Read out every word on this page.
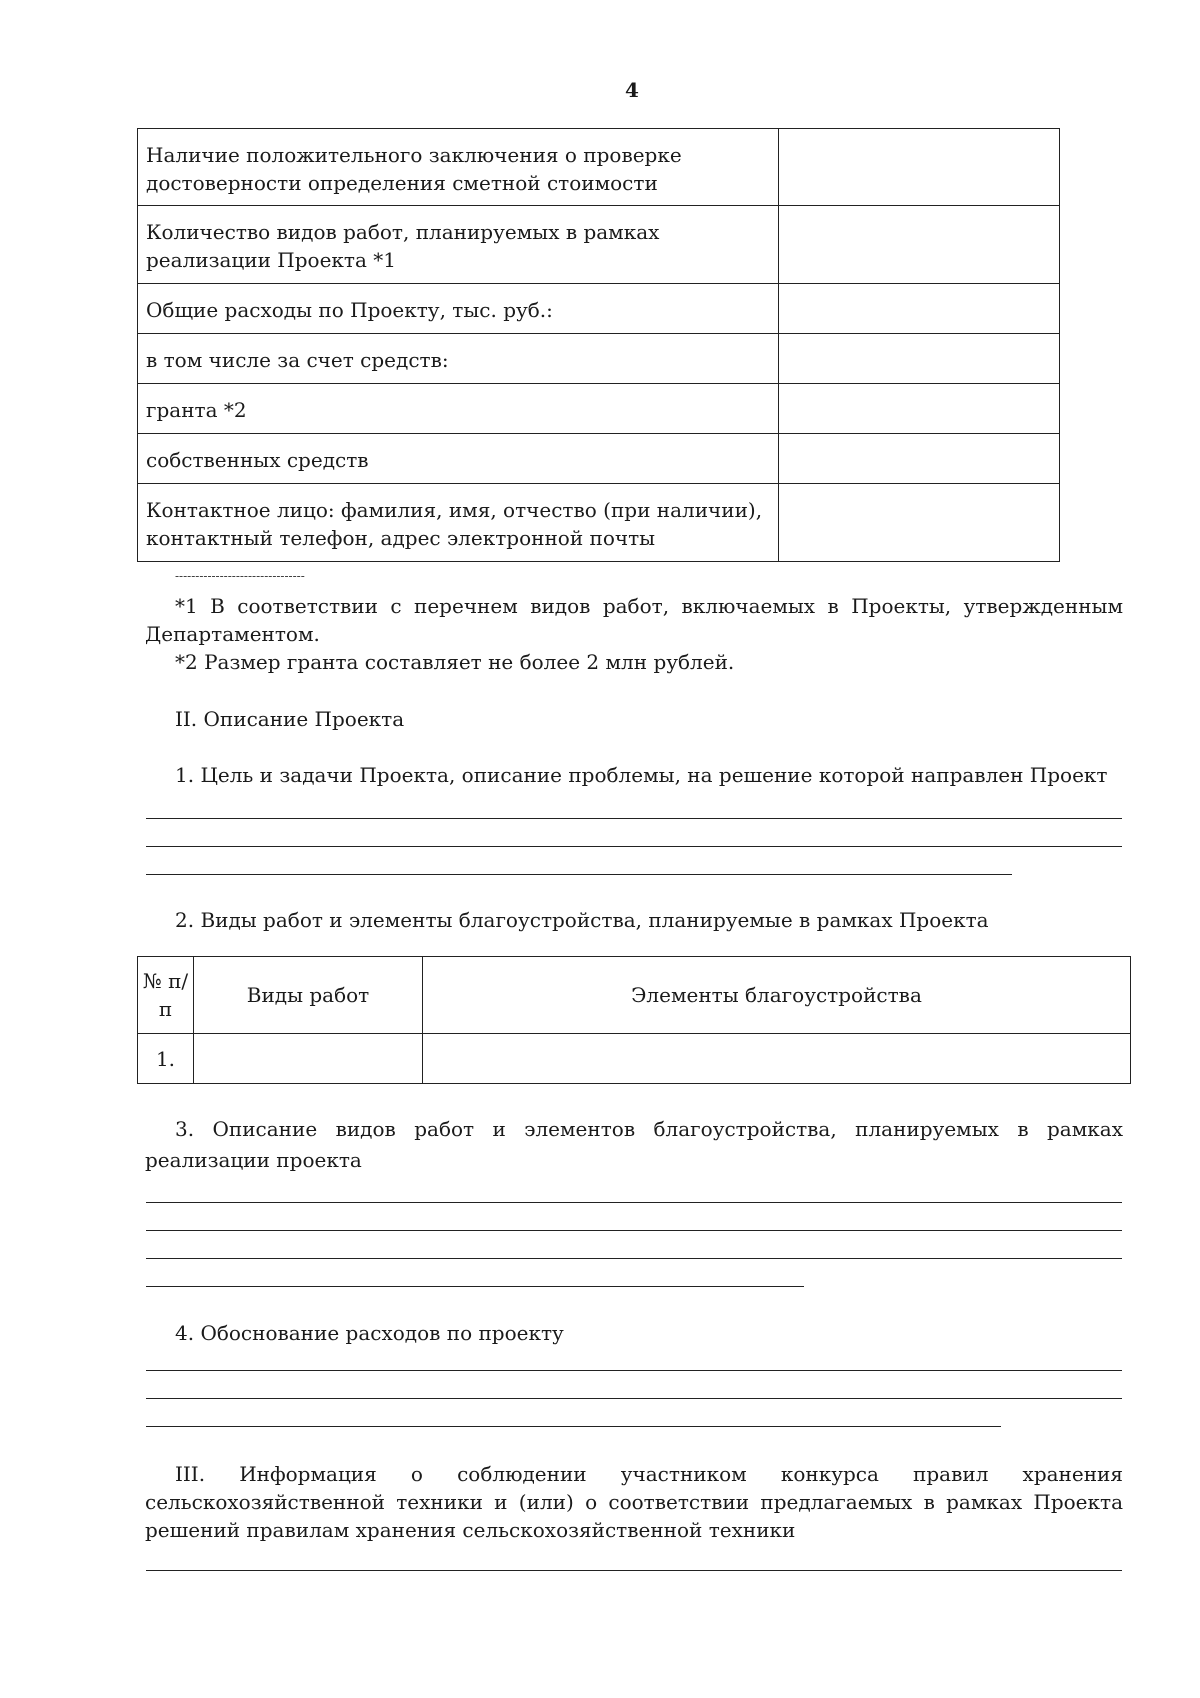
4
Наличие положительного заключения о проверке достоверности определения сметной стоимости	
Количество видов работ, планируемых в рамках реализации Проекта *1	
Общие расходы по Проекту, тыс. руб.:	
в том числе за счет средств:	
гранта *2	
собственных средств	
Контактное лицо: фамилия, имя, отчество (при наличии), контактный телефон, адрес электронной почты	
--------------------------------
*1 В соответствии с перечнем видов работ, включаемых в Проекты, утвержденным
Департаментом.
*2 Размер гранта составляет не более 2 млн рублей.
II. Описание Проекта
1. Цель и задачи Проекта, описание проблемы, на решение которой направлен Проект
2. Виды работ и элементы благоустройства, планируемые в рамках Проекта
№ п/п	Виды работ	Элементы благоустройства
1.		
3. Описание видов работ и элементов благоустройства, планируемых в рамках
реализации проекта
4. Обоснование расходов по проекту
III. Информация о соблюдении участником конкурса правил хранения
сельскохозяйственной техники и (или) о соответствии предлагаемых в рамках Проекта
решений правилам хранения сельскохозяйственной техники
